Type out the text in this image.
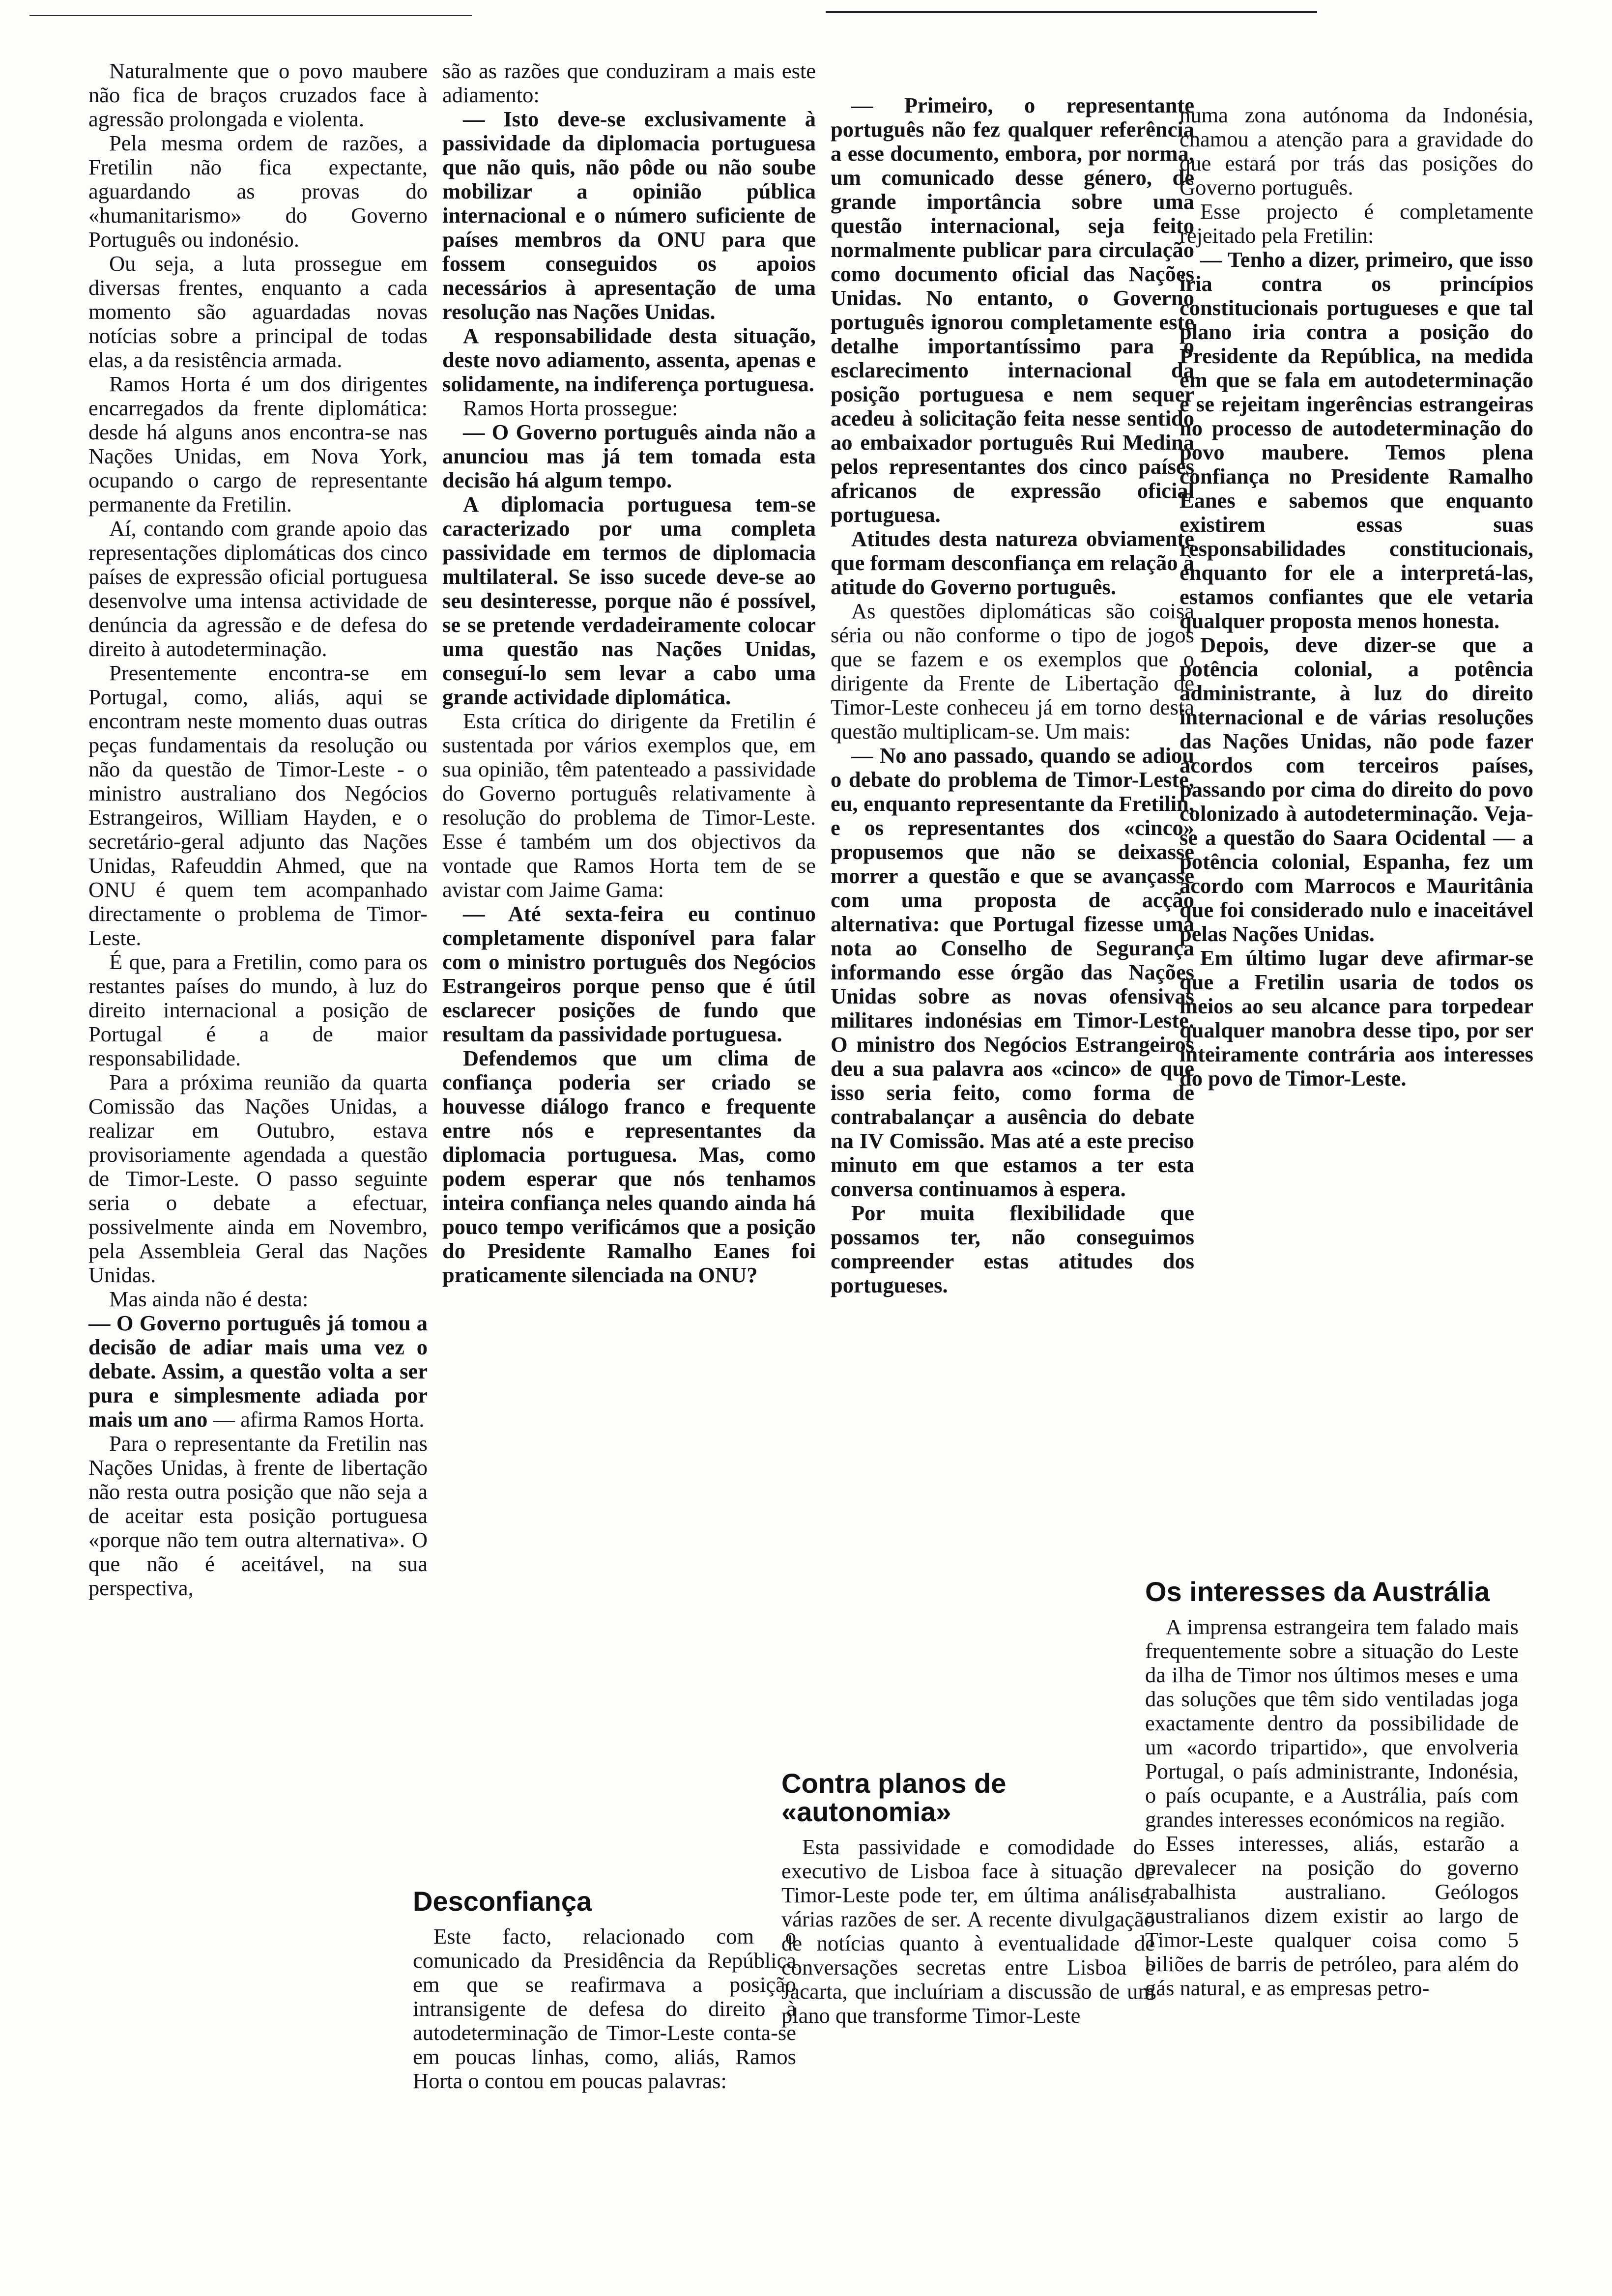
Naturalmente que o povo maubere não fica de braços cruzados face à agressão prolongada e violenta.

Pela mesma ordem de razões, a Fretilin não fica expectante, aguardando as provas do «humanitarismo» do Governo Português ou indonésio.

Ou seja, a luta prossegue em diversas frentes, enquanto a cada momento são aguardadas novas notícias sobre a principal de todas elas, a da resistência armada.

Ramos Horta é um dos dirigentes encarregados da frente diplomática: desde há alguns anos encontra-se nas Nações Unidas, em Nova York, ocupando o cargo de representante permanente da Fretilin.

Aí, contando com grande apoio das representações diplomáticas dos cinco países de expressão oficial portuguesa desenvolve uma intensa actividade de denúncia da agressão e de defesa do direito à autodeterminação.

Presentemente encontra-se em Portugal, como, aliás, aqui se encontram neste momento duas outras peças fundamentais da resolução ou não da questão de Timor-Leste - o ministro australiano dos Negócios Estrangeiros, William Hayden, e o secretário-geral adjunto das Nações Unidas, Rafeuddin Ahmed, que na ONU é quem tem acompanhado directamente o problema de Timor-Leste.

É que, para a Fretilin, como para os restantes países do mundo, à luz do direito internacional a posição de Portugal é a de maior responsabilidade.

Para a próxima reunião da quarta Comissão das Nações Unidas, a realizar em Outubro, estava provisoriamente agendada a questão de Timor-Leste. O passo seguinte seria o debate a efectuar, possivelmente ainda em Novembro, pela Assembleia Geral das Nações Unidas.

Mas ainda não é desta:

— O Governo português já tomou a decisão de adiar mais uma vez o debate. Assim, a questão volta a ser pura e simplesmente adiada por mais um ano — afirma Ramos Horta.

Para o representante da Fretilin nas Nações Unidas, à frente de libertação não resta outra posição que não seja a de aceitar esta posição portuguesa «porque não tem outra alternativa». O que não é aceitável, na sua perspectiva,

são as razões que conduziram a mais este adiamento:

— Isto deve-se exclusivamente à passividade da diplomacia portuguesa que não quis, não pôde ou não soube mobilizar a opinião pública internacional e o número suficiente de países membros da ONU para que fossem conseguidos os apoios necessários à apresentação de uma resolução nas Nações Unidas.

A responsabilidade desta situação, deste novo adiamento, assenta, apenas e solidamente, na indiferença portuguesa.

Ramos Horta prossegue:

— O Governo português ainda não a anunciou mas já tem tomada esta decisão há algum tempo.

A diplomacia portuguesa tem-se caracterizado por uma completa passividade em termos de diplomacia multilateral. Se isso sucede deve-se ao seu desinteresse, porque não é possível, se se pretende verdadeiramente colocar uma questão nas Nações Unidas, conseguí-lo sem levar a cabo uma grande actividade diplomática.

Esta crítica do dirigente da Fretilin é sustentada por vários exemplos que, em sua opinião, têm patenteado a passividade do Governo português relativamente à resolução do problema de Timor-Leste. Esse é também um dos objectivos da vontade que Ramos Horta tem de se avistar com Jaime Gama:

— Até sexta-feira eu continuo completamente disponível para falar com o ministro português dos Negócios Estrangeiros porque penso que é útil esclarecer posições de fundo que resultam da passividade portuguesa.

Defendemos que um clima de confiança poderia ser criado se houvesse diálogo franco e frequente entre nós e representantes da diplomacia portuguesa. Mas, como podem esperar que nós tenhamos inteira confiança neles quando ainda há pouco tempo verificámos que a posição do Presidente Ramalho Eanes foi praticamente silenciada na ONU?

Desconfiança

Este facto, relacionado com o comunicado da Presidência da República em que se reafirmava a posição intransigente de defesa do direito à autodeterminação de Timor-Leste conta-se em poucas linhas, como, aliás, Ramos Horta o contou em poucas palavras:

— Primeiro, o representante português não fez qualquer referência a esse documento, embora, por norma, um comunicado desse género, de grande importância sobre uma questão internacional, seja feito normalmente publicar para circulação como documento oficial das Nações Unidas. No entanto, o Governo português ignorou completamente este detalhe importantíssimo para o esclarecimento internacional da posição portuguesa e nem sequer acedeu à solicitação feita nesse sentido ao embaixador português Rui Medina pelos representantes dos cinco países africanos de expressão oficial portuguesa.

Atitudes desta natureza obviamente que formam desconfiança em relação à atitude do Governo português.

As questões diplomáticas são coisa séria ou não conforme o tipo de jogos que se fazem e os exemplos que o dirigente da Frente de Libertação de Timor-Leste conheceu já em torno desta questão multiplicam-se. Um mais:

— No ano passado, quando se adiou o debate do problema de Timor-Leste, eu, enquanto representante da Fretilin, e os representantes dos «cinco» propusemos que não se deixasse morrer a questão e que se avançasse com uma proposta de acção alternativa: que Portugal fizesse uma nota ao Conselho de Segurança informando esse órgão das Nações Unidas sobre as novas ofensivas militares indonésias em Timor-Leste. O ministro dos Negócios Estrangeiros deu a sua palavra aos «cinco» de que isso seria feito, como forma de contrabalançar a ausência do debate na IV Comissão. Mas até a este preciso minuto em que estamos a ter esta conversa continuamos à espera.

Por muita flexibilidade que possamos ter, não conseguimos compreender estas atitudes dos portugueses.

Contra planos de «autonomia»

Esta passividade e comodidade do executivo de Lisboa face à situação de Timor-Leste pode ter, em última análise, várias razões de ser. A recente divulgação de notícias quanto à eventualidade de conversações secretas entre Lisboa e Jacarta, que incluíriam a discussão de um plano que transforme Timor-Leste

numa zona autónoma da Indonésia, chamou a atenção para a gravidade do que estará por trás das posições do Governo português.

Esse projecto é completamente rejeitado pela Fretilin:

— Tenho a dizer, primeiro, que isso iria contra os princípios constitucionais portugueses e que tal plano iria contra a posição do Presidente da República, na medida em que se fala em autodeterminação e se rejeitam ingerências estrangeiras no processo de autodeterminação do povo maubere. Temos plena confiança no Presidente Ramalho Eanes e sabemos que enquanto existirem essas suas responsabilidades constitucionais, enquanto for ele a interpretá-las, estamos confiantes que ele vetaria qualquer proposta menos honesta.

Depois, deve dizer-se que a potência colonial, a potência administrante, à luz do direito internacional e de várias resoluções das Nações Unidas, não pode fazer acordos com terceiros países, passando por cima do direito do povo colonizado à autodeterminação. Veja-se a questão do Saara Ocidental — a potência colonial, Espanha, fez um acordo com Marrocos e Mauritânia que foi considerado nulo e inaceitável pelas Nações Unidas.

Em último lugar deve afirmar-se que a Fretilin usaria de todos os meios ao seu alcance para torpedear qualquer manobra desse tipo, por ser inteiramente contrária aos interesses do povo de Timor-Leste.

Os interesses da Austrália

A imprensa estrangeira tem falado mais frequentemente sobre a situação do Leste da ilha de Timor nos últimos meses e uma das soluções que têm sido ventiladas joga exactamente dentro da possibilidade de um «acordo tripartido», que envolveria Portugal, o país administrante, Indonésia, o país ocupante, e a Austrália, país com grandes interesses económicos na região.

Esses interesses, aliás, estarão a prevalecer na posição do governo trabalhista australiano. Geólogos australianos dizem existir ao largo de Timor-Leste qualquer coisa como 5 biliões de barris de petróleo, para além do gás natural, e as empresas petro-
